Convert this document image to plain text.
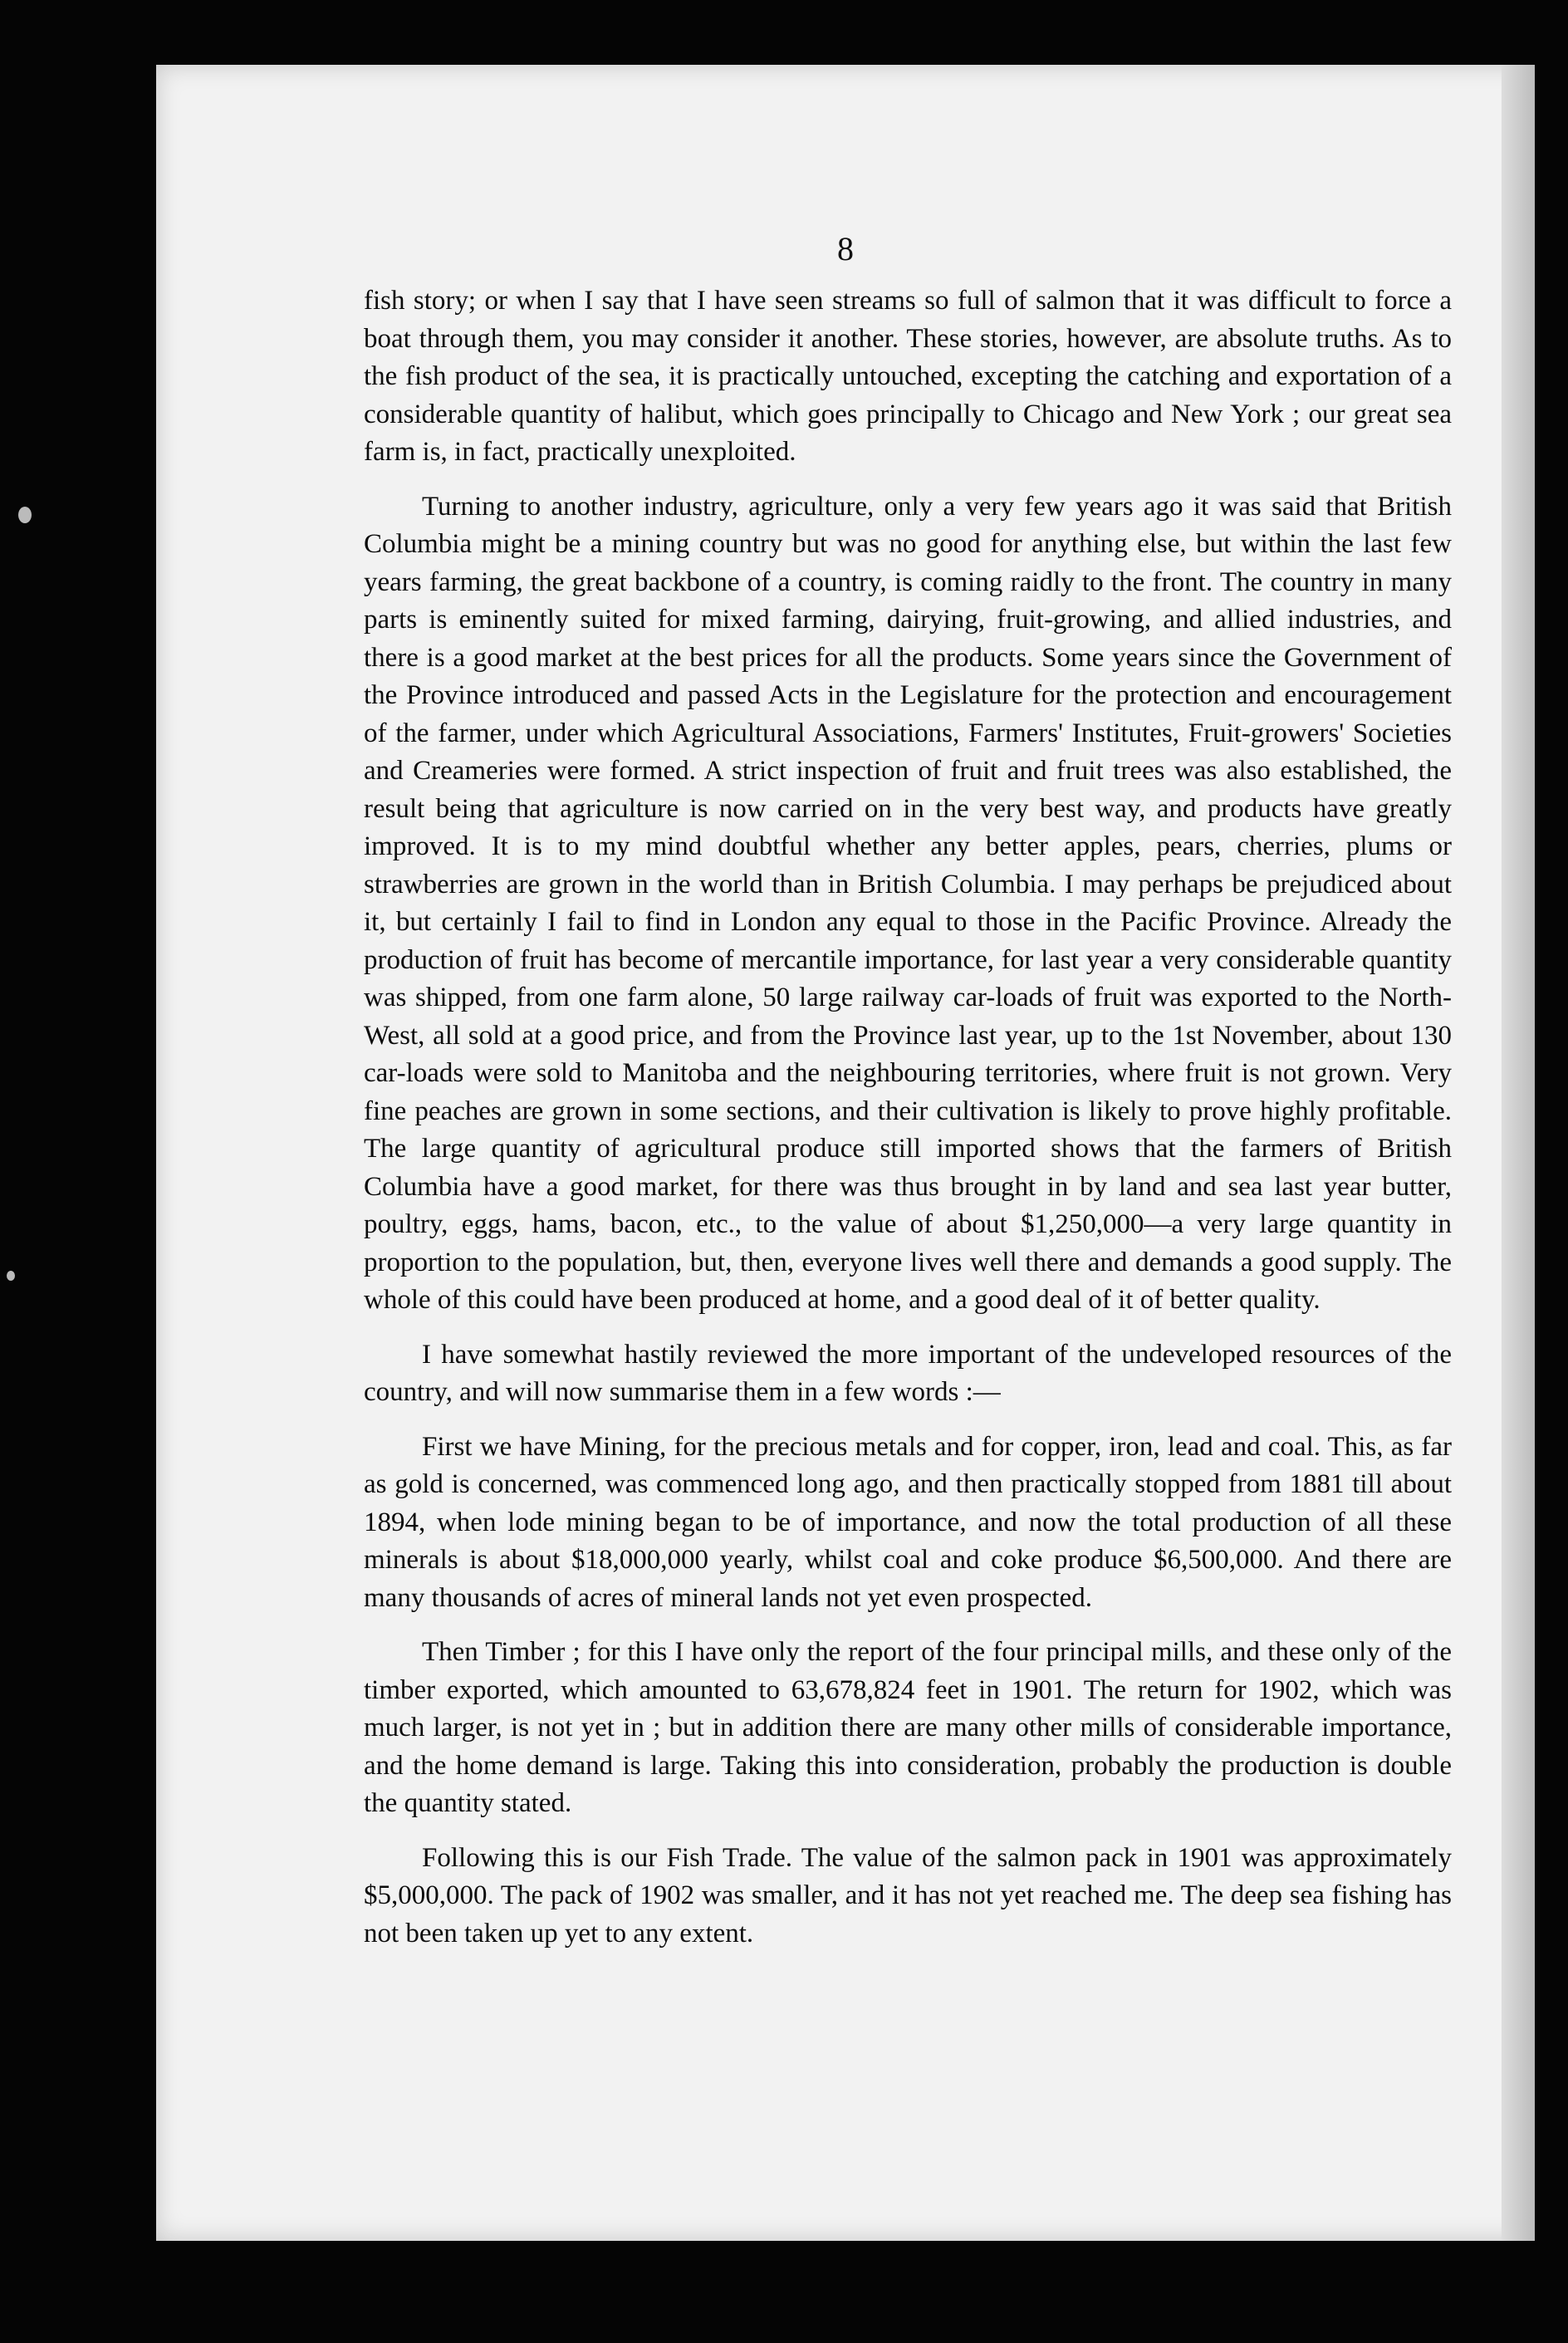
8

fish story; or when I say that I have seen streams so full of salmon that it was difficult to force a boat through them, you may consider it another. These stories, however, are absolute truths. As to the fish product of the sea, it is practically untouched, excepting the catching and exportation of a considerable quantity of halibut, which goes principally to Chicago and New York ; our great sea farm is, in fact, practically unexploited.

Turning to another industry, agriculture, only a very few years ago it was said that British Columbia might be a mining country but was no good for anything else, but within the last few years farming, the great backbone of a country, is coming raidly to the front. The country in many parts is eminently suited for mixed farming, dairying, fruit-growing, and allied industries, and there is a good market at the best prices for all the products. Some years since the Government of the Province introduced and passed Acts in the Legislature for the protection and encouragement of the farmer, under which Agricultural Associations, Farmers' Institutes, Fruit-growers' Societies and Creameries were formed. A strict inspection of fruit and fruit trees was also established, the result being that agriculture is now carried on in the very best way, and products have greatly improved. It is to my mind doubtful whether any better apples, pears, cherries, plums or strawberries are grown in the world than in British Columbia. I may perhaps be prejudiced about it, but certainly I fail to find in London any equal to those in the Pacific Province. Already the production of fruit has become of mercantile importance, for last year a very considerable quantity was shipped, from one farm alone, 50 large railway car-loads of fruit was exported to the North-West, all sold at a good price, and from the Province last year, up to the 1st November, about 130 car-loads were sold to Manitoba and the neighbouring territories, where fruit is not grown. Very fine peaches are grown in some sections, and their cultivation is likely to prove highly profitable. The large quantity of agricultural produce still imported shows that the farmers of British Columbia have a good market, for there was thus brought in by land and sea last year butter, poultry, eggs, hams, bacon, etc., to the value of about $1,250,000—a very large quantity in proportion to the population, but, then, everyone lives well there and demands a good supply. The whole of this could have been produced at home, and a good deal of it of better quality.

I have somewhat hastily reviewed the more important of the undeveloped resources of the country, and will now summarise them in a few words :—

First we have Mining, for the precious metals and for copper, iron, lead and coal. This, as far as gold is concerned, was commenced long ago, and then practically stopped from 1881 till about 1894, when lode mining began to be of importance, and now the total production of all these minerals is about $18,000,000 yearly, whilst coal and coke produce $6,500,000. And there are many thousands of acres of mineral lands not yet even prospected.

Then Timber ; for this I have only the report of the four principal mills, and these only of the timber exported, which amounted to 63,678,824 feet in 1901. The return for 1902, which was much larger, is not yet in ; but in addition there are many other mills of considerable importance, and the home demand is large. Taking this into consideration, probably the production is double the quantity stated.

Following this is our Fish Trade. The value of the salmon pack in 1901 was approximately $5,000,000. The pack of 1902 was smaller, and it has not yet reached me. The deep sea fishing has not been taken up yet to any extent.
